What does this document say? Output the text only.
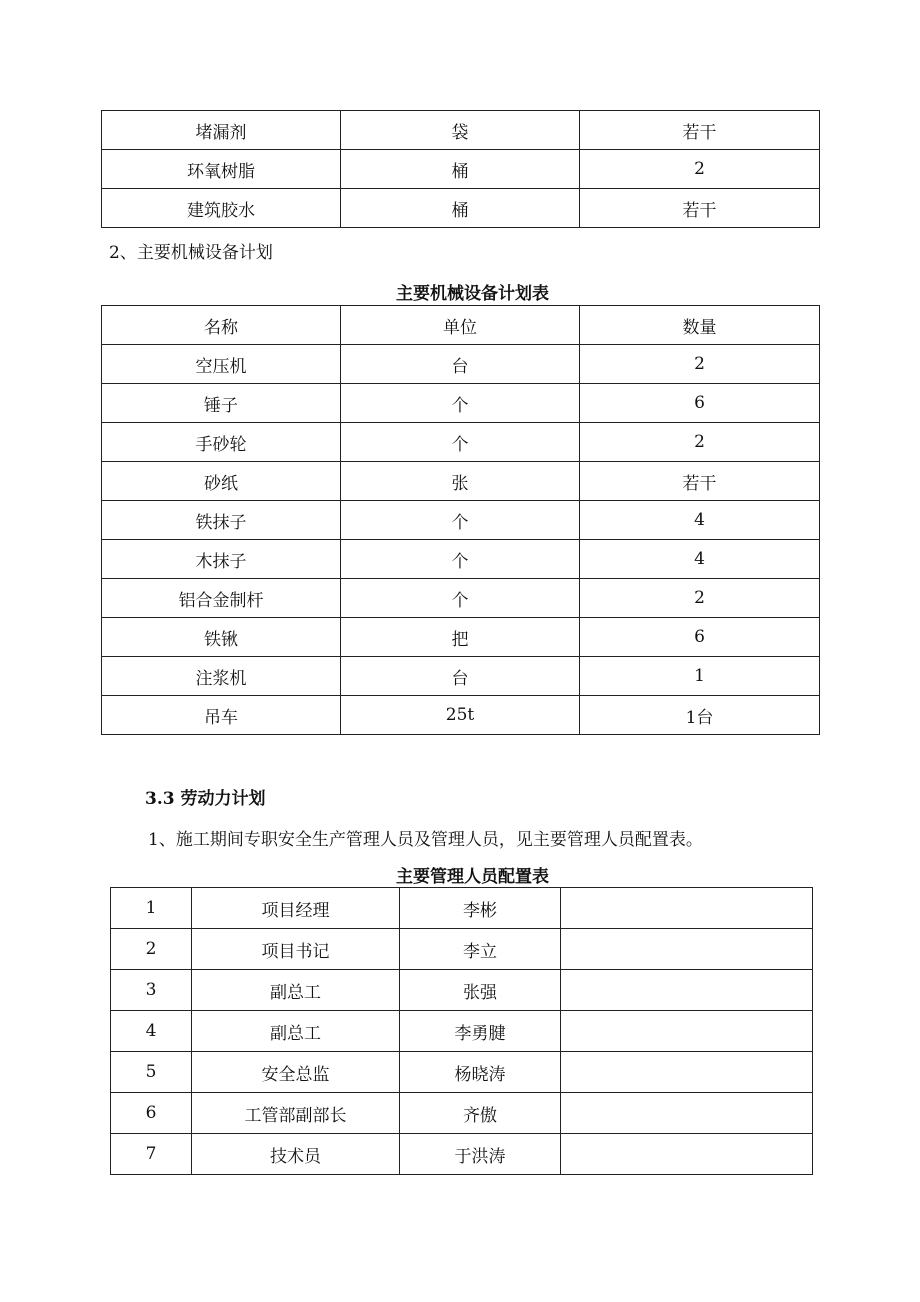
堵漏剂	袋	若干
环氧树脂	桶	2
建筑胶水	桶	若干
2、主要机械设备计划
主要机械设备计划表
名称	单位	数量
空压机	台	2
锤子	个	6
手砂轮	个	2
砂纸	张	若干
铁抹子	个	4
木抹子	个	4
铝合金制杆	个	2
铁锹	把	6
注浆机	台	1
吊车	25t	1台
3.3 劳动力计划
1、施工期间专职安全生产管理人员及管理人员，见主要管理人员配置表。
主要管理人员配置表
1	项目经理	李彬	
2	项目书记	李立	
3	副总工	张强	
4	副总工	李勇腱	
5	安全总监	杨晓涛	
6	工管部副部长	齐傲	
7	技术员	于洪涛	
